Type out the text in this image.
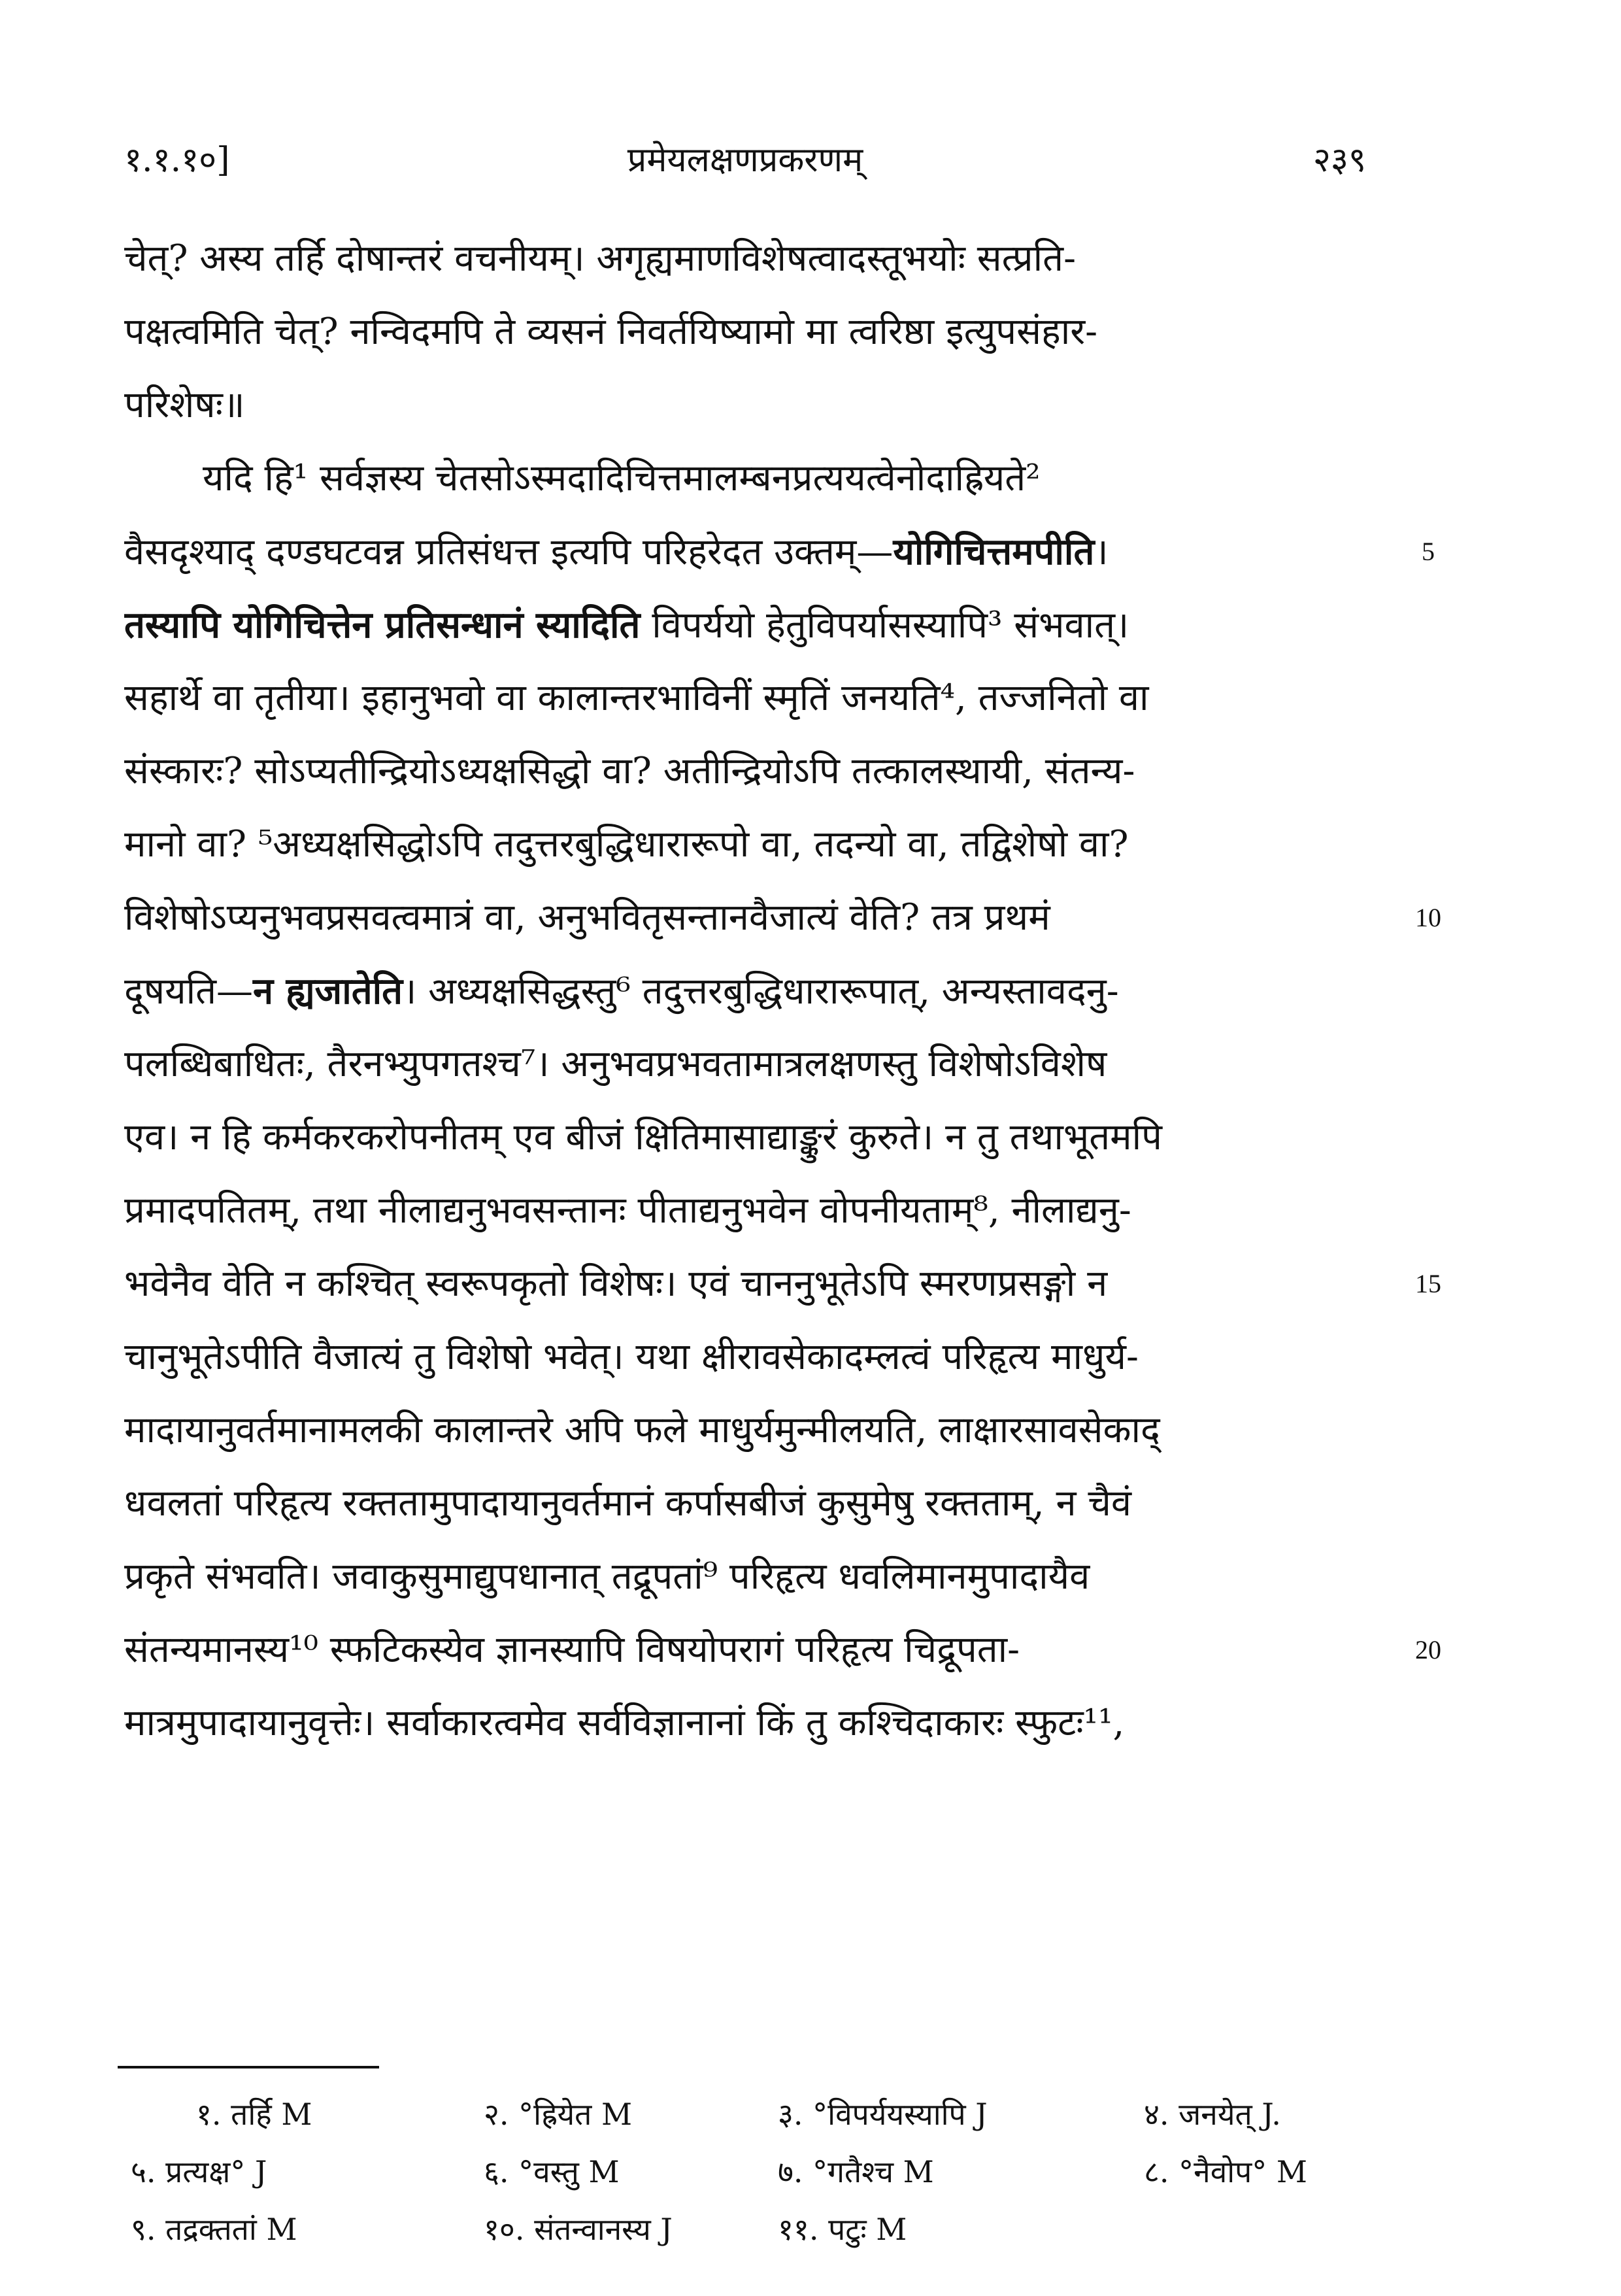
१.१.१०]	प्रमेयलक्षणप्रकरणम्	२३९
चेत्? अस्य तर्हि दोषान्तरं वचनीयम्। अगृह्यमाणविशेषत्वादस्तूभयोः सत्प्रति-
पक्षत्वमिति चेत्? नन्विदमपि ते व्यसनं निवर्तयिष्यामो मा त्वरिष्ठा इत्युपसंहार-
परिशेषः॥
यदि हि¹ सर्वज्ञस्य चेतसोऽस्मदादिचित्तमालम्बनप्रत्ययत्वेनोदाह्रियते²
वैसदृश्याद् दण्डघटवन्न प्रतिसंधत्त इत्यपि परिहरेदत उक्तम्—योगिचित्तमपीति।
तस्यापि योगिचित्तेन प्रतिसन्धानं स्यादिति विपर्ययो हेतुविपर्यासस्यापि³ संभवात्।
सहार्थे वा तृतीया। इहानुभवो वा कालान्तरभाविनीं स्मृतिं जनयति⁴, तज्जनितो वा
संस्कारः? सोऽप्यतीन्द्रियोऽध्यक्षसिद्धो वा? अतीन्द्रियोऽपि तत्कालस्थायी, संतन्य-
मानो वा? ⁵अध्यक्षसिद्धोऽपि तदुत्तरबुद्धिधारारूपो वा, तदन्यो वा, तद्विशेषो वा?
विशेषोऽप्यनुभवप्रसवत्वमात्रं वा, अनुभवितृसन्तानवैजात्यं वेति? तत्र प्रथमं
दूषयति—न ह्यजातेति। अध्यक्षसिद्धस्तु⁶ तदुत्तरबुद्धिधारारूपात्, अन्यस्तावदनु-
पलब्धिबाधितः, तैरनभ्युपगतश्च⁷। अनुभवप्रभवतामात्रलक्षणस्तु विशेषोऽविशेष
एव। न हि कर्मकरकरोपनीतम् एव बीजं क्षितिमासाद्याङ्कुरं कुरुते। न तु तथाभूतमपि
प्रमादपतितम्, तथा नीलाद्यनुभवसन्तानः पीताद्यनुभवेन वोपनीयताम्⁸, नीलाद्यनु-
भवेनैव वेति न कश्चित् स्वरूपकृतो विशेषः। एवं चाननुभूतेऽपि स्मरणप्रसङ्गो न
चानुभूतेऽपीति वैजात्यं तु विशेषो भवेत्। यथा क्षीरावसेकादम्लत्वं परिहृत्य माधुर्य-
मादायानुवर्तमानामलकी कालान्तरे अपि फले माधुर्यमुन्मीलयति, लाक्षारसावसेकाद्
धवलतां परिहृत्य रक्ततामुपादायानुवर्तमानं कर्पासबीजं कुसुमेषु रक्तताम्, न चैवं
प्रकृते संभवति। जवाकुसुमाद्युपधानात् तद्रूपतां⁹ परिहृत्य धवलिमानमुपादायैव
संतन्यमानस्य¹⁰ स्फटिकस्येव ज्ञानस्यापि विषयोपरागं परिहृत्य चिद्रूपता-
मात्रमुपादायानुवृत्तेः। सर्वाकारत्वमेव सर्वविज्ञानानां किं तु कश्चिदाकारः स्फुटः¹¹,
5
10
15
20
१. तर्हि M	२. °ह्रियेत M	३. °विपर्ययस्यापि J	४. जनयेत् J.
५. प्रत्यक्ष° J	६. °वस्तु M	७. °गतैश्च M	८. °नैवोप° M
९. तद्रक्ततां M	१०. संतन्वानस्य J	११. पटुः M
